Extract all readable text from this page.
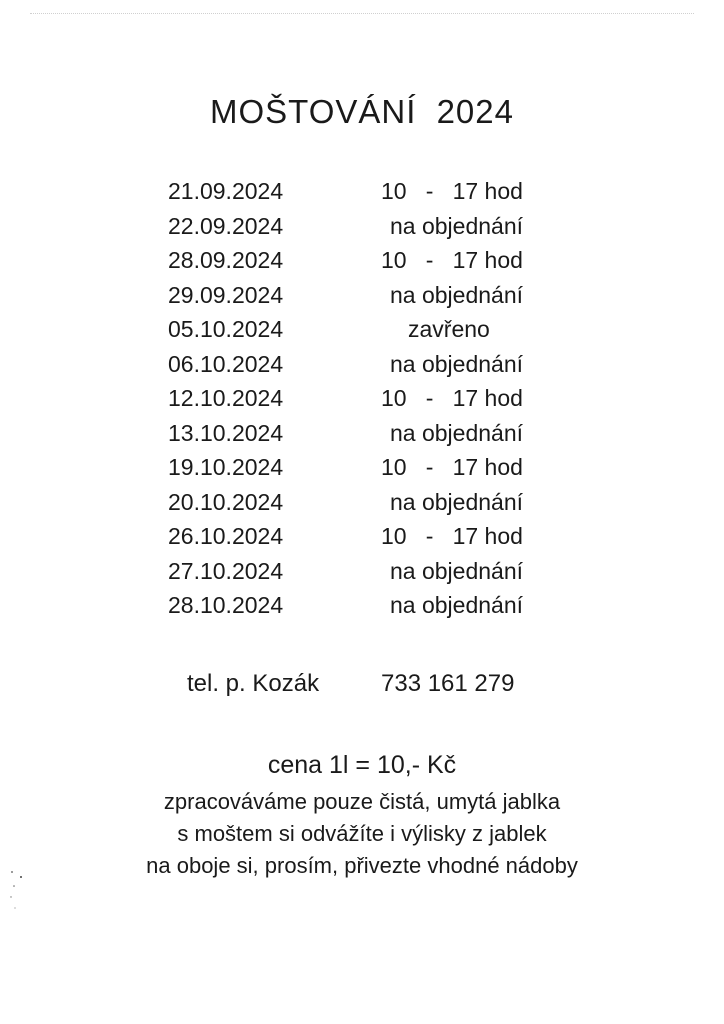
MOŠTOVÁNÍ 2024
21.09.2024	10   -   17 hod
22.09.2024	na objednání
28.09.2024	10   -   17 hod
29.09.2024	na objednání
05.10.2024	zavřeno
06.10.2024	na objednání
12.10.2024	10   -   17 hod
13.10.2024	na objednání
19.10.2024	10   -   17 hod
20.10.2024	na objednání
26.10.2024	10   -   17 hod
27.10.2024	na objednání
28.10.2024	na objednání
tel. p. Kozák	733 161 279
cena 1l = 10,- Kč
zpracováváme pouze čistá, umytá jablka
s moštem si odvážíte i výlisky z jablek
na oboje si, prosím, přivezte vhodné nádoby
